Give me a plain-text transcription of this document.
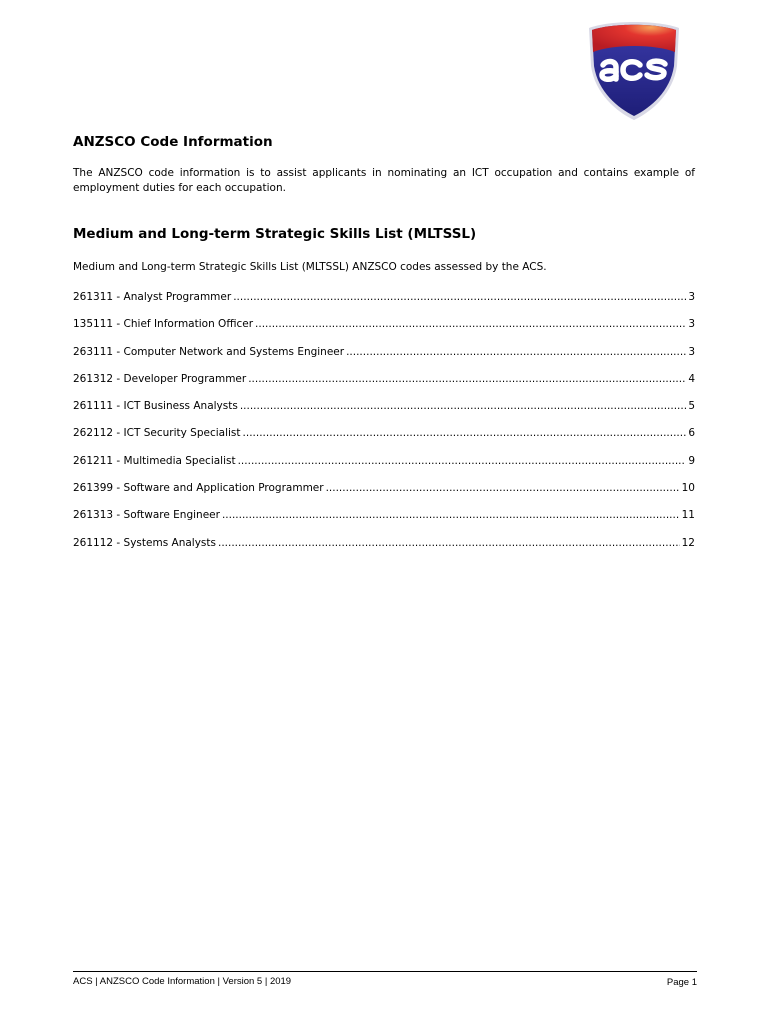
ANZSCO Code Information
The ANZSCO code information is to assist applicants in nominating an ICT occupation and contains example of employment duties for each occupation.
Medium and Long-term Strategic Skills List (MLTSSL)
Medium and Long-term Strategic Skills List (MLTSSL) ANZSCO codes assessed by the ACS.
261311 - Analyst Programmer .....	3
135111 - Chief Information Officer .....	3
263111 - Computer Network and Systems Engineer .....	3
261312 - Developer Programmer .....	4
261111 - ICT Business Analysts .....	5
262112 - ICT Security Specialist .....	6
261211 - Multimedia Specialist .....	9
261399 - Software and Application Programmer .....	10
261313 - Software Engineer .....	11
261112 - Systems Analysts .....	12
ACS | ANZSCO Code Information | Version 5 | 2019	Page 1
